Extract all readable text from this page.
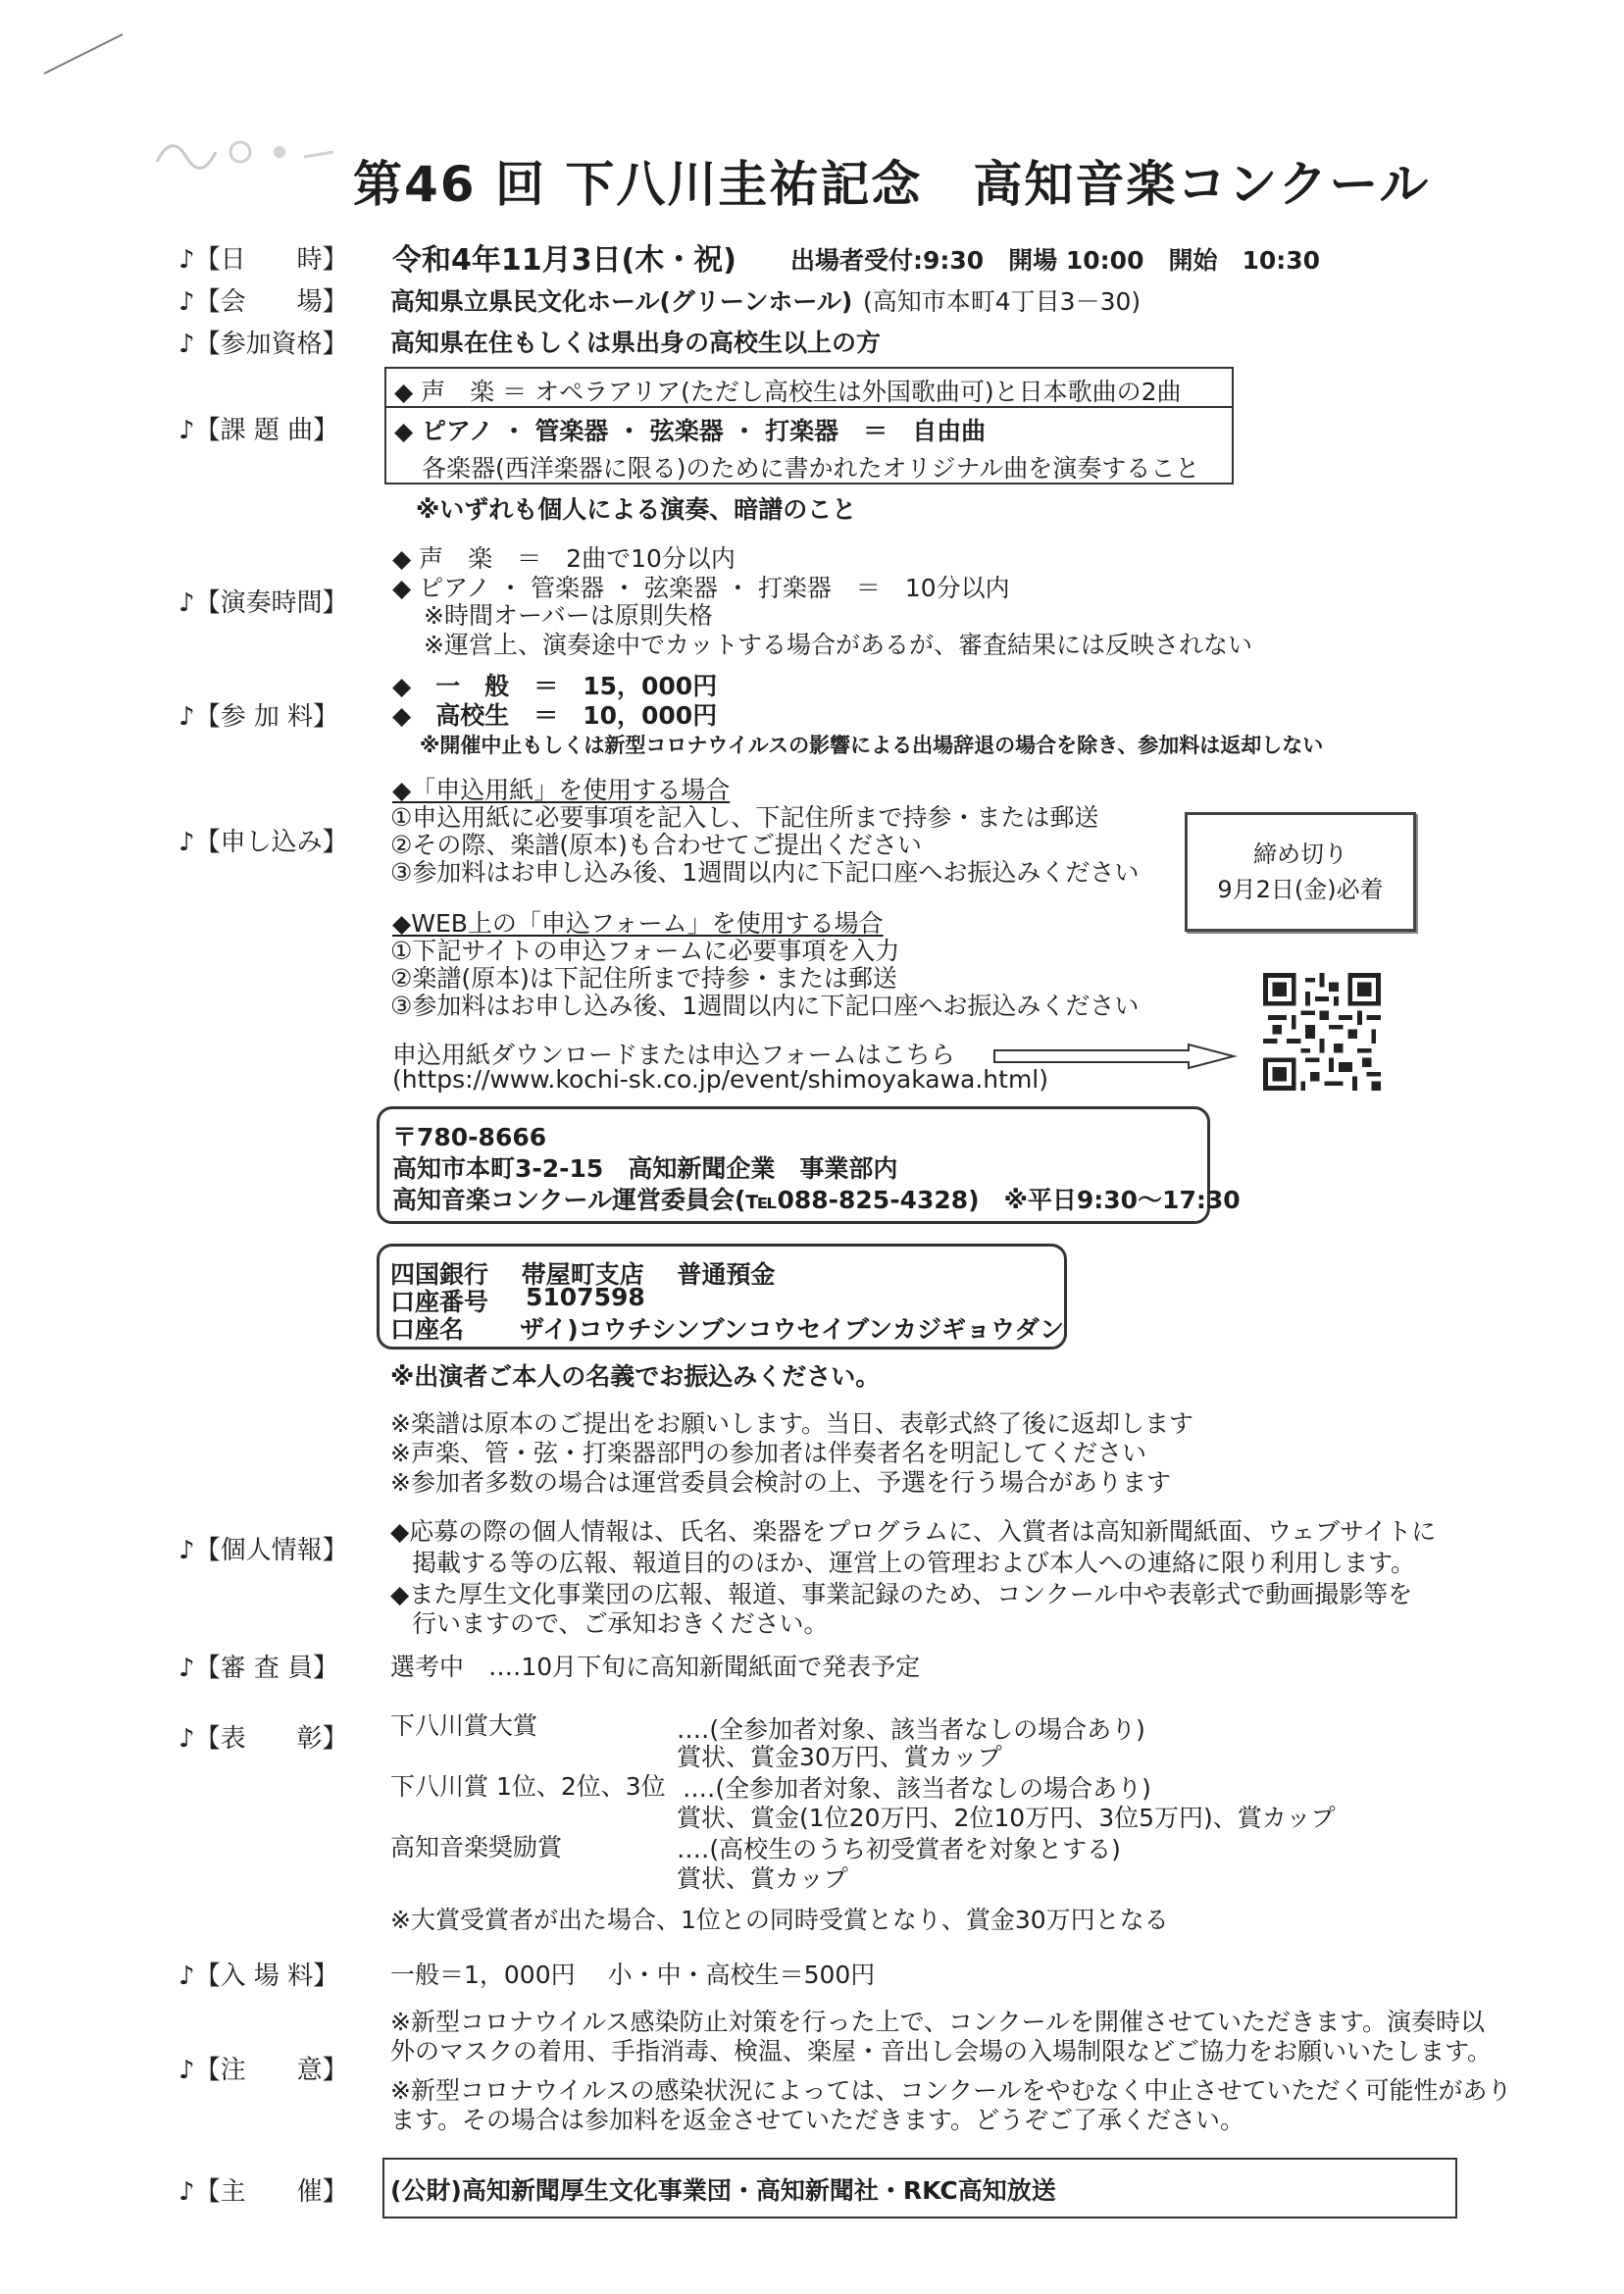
第46 回 下八川圭祐記念　高知音楽コンクール
♪【日　　時】 令和4年11月3日(木・祝) 出場者受付:9:30　開場 10:00　開始　10:30
♪【会　　場】 高知県立県民文化ホール(グリーンホール) (高知市本町4丁目3－30)
♪【参加資格】 高知県在住もしくは県出身の高校生以上の方
♪【課 題 曲】
◆ 声　楽 ＝ オペラアリア(ただし高校生は外国歌曲可)と日本歌曲の2曲
◆ ピアノ ・ 管楽器 ・ 弦楽器 ・ 打楽器　＝　自由曲
各楽器(西洋楽器に限る)のために書かれたオリジナル曲を演奏すること
※いずれも個人による演奏、暗譜のこと
♪【演奏時間】
◆ 声　楽　＝　2曲で10分以内
◆ ピアノ ・ 管楽器 ・ 弦楽器 ・ 打楽器　＝　10分以内
※時間オーバーは原則失格
※運営上、演奏途中でカットする場合があるが、審査結果には反映されない
♪【参 加 料】
◆　一　般　＝　15，000円
◆　高校生　＝　10，000円
※開催中止もしくは新型コロナウイルスの影響による出場辞退の場合を除き、参加料は返却しない
♪【申し込み】
◆「申込用紙」を使用する場合
①申込用紙に必要事項を記入し、下記住所まで持参・または郵送
②その際、楽譜(原本)も合わせてご提出ください
③参加料はお申し込み後、1週間以内に下記口座へお振込みください
締め切り
9月2日(金)必着
◆WEB上の「申込フォーム」を使用する場合
①下記サイトの申込フォームに必要事項を入力
②楽譜(原本)は下記住所まで持参・または郵送
③参加料はお申し込み後、1週間以内に下記口座へお振込みください
申込用紙ダウンロードまたは申込フォームはこちら
(https://www.kochi-sk.co.jp/event/shimoyakawa.html)
〒780-8666
高知市本町3-2-15　高知新聞企業　事業部内
高知音楽コンクール運営委員会(℡088-825-4328)　※平日9:30～17:30
四国銀行　 帯屋町支店　 普通預金
口座番号 5107598
口座名 ザイ)コウチシンブンコウセイブンカジギョウダン
※出演者ご本人の名義でお振込みください。
※楽譜は原本のご提出をお願いします。当日、表彰式終了後に返却します
※声楽、管・弦・打楽器部門の参加者は伴奏者名を明記してください
※参加者多数の場合は運営委員会検討の上、予選を行う場合があります
♪【個人情報】
◆応募の際の個人情報は、氏名、楽器をプログラムに、入賞者は高知新聞紙面、ウェブサイトに
掲載する等の広報、報道目的のほか、運営上の管理および本人への連絡に限り利用します。
◆また厚生文化事業団の広報、報道、事業記録のため、コンクール中や表彰式で動画撮影等を
行いますので、ご承知おきください。
♪【審 査 員】 選考中　‥‥10月下旬に高知新聞紙面で発表予定
♪【表　　彰】 下八川賞大賞	‥‥(全参加者対象、該当者なしの場合あり)
賞状、賞金30万円、賞カップ
下八川賞 1位、2位、3位 ‥‥(全参加者対象、該当者なしの場合あり)
賞状、賞金(1位20万円、2位10万円、3位5万円)、賞カップ
高知音楽奨励賞	‥‥(高校生のうち初受賞者を対象とする)
賞状、賞カップ
※大賞受賞者が出た場合、1位との同時受賞となり、賞金30万円となる
♪【入 場 料】 一般＝1，000円　 小・中・高校生＝500円
♪【注　　意】
※新型コロナウイルス感染防止対策を行った上で、コンクールを開催させていただきます。演奏時以
外のマスクの着用、手指消毒、検温、楽屋・音出し会場の入場制限などご協力をお願いいたします。
※新型コロナウイルスの感染状況によっては、コンクールをやむなく中止させていただく可能性があり
ます。その場合は参加料を返金させていただきます。どうぞご了承ください。
♪【主　　催】 (公財)高知新聞厚生文化事業団・高知新聞社・RKC高知放送
